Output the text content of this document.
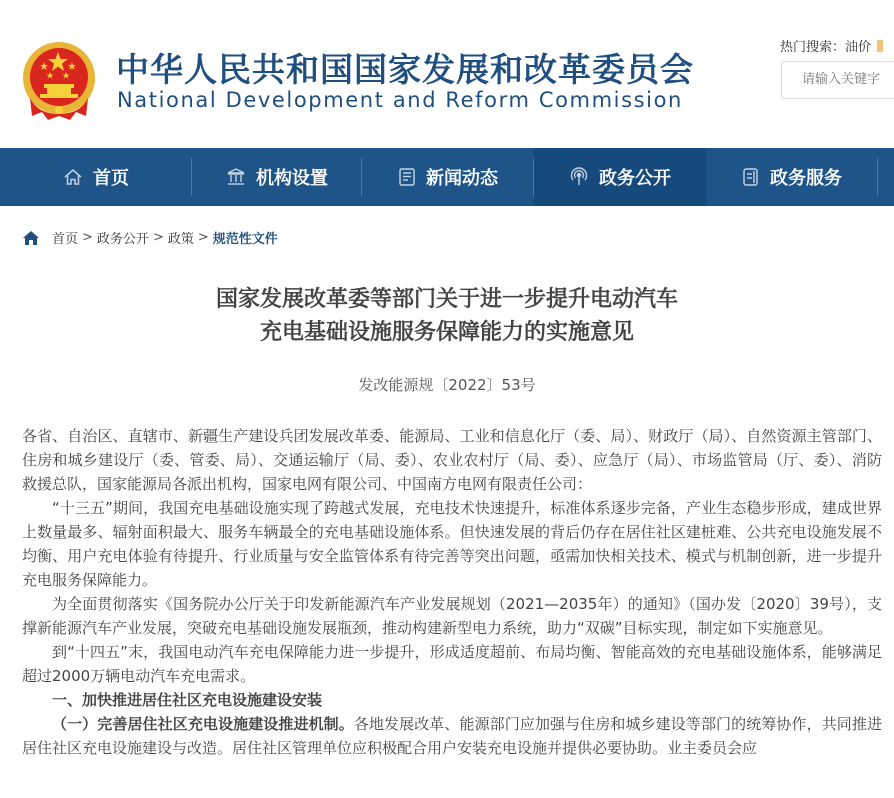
中华人民共和国国家发展和改革委员会
National Development and Reform Commission
热门搜索：油价
请输入关键字
首页	机构设置	新闻动态	政务公开	政务服务
首页 > 政务公开 > 政策 > 规范性文件
国家发展改革委等部门关于进一步提升电动汽车
充电基础设施服务保障能力的实施意见
发改能源规〔2022〕53号

各省、自治区、直辖市、新疆生产建设兵团发展改革委、能源局、工业和信息化厅（委、局）、财政厅（局）、自然资源主管部门、住房和城乡建设厅（委、管委、局）、交通运输厅（局、委）、农业农村厅（局、委）、应急厅（局）、市场监管局（厅、委）、消防救援总队，国家能源局各派出机构，国家电网有限公司、中国南方电网有限责任公司：

“十三五”期间，我国充电基础设施实现了跨越式发展，充电技术快速提升，标准体系逐步完备，产业生态稳步形成，建成世界上数量最多、辐射面积最大、服务车辆最全的充电基础设施体系。但快速发展的背后仍存在居住社区建桩难、公共充电设施发展不均衡、用户充电体验有待提升、行业质量与安全监管体系有待完善等突出问题，亟需加快相关技术、模式与机制创新，进一步提升充电服务保障能力。

为全面贯彻落实《国务院办公厅关于印发新能源汽车产业发展规划（2021—2035年）的通知》（国办发〔2020〕39号），支撑新能源汽车产业发展，突破充电基础设施发展瓶颈，推动构建新型电力系统，助力“双碳”目标实现，制定如下实施意见。

到“十四五”末，我国电动汽车充电保障能力进一步提升，形成适度超前、布局均衡、智能高效的充电基础设施体系，能够满足超过2000万辆电动汽车充电需求。

一、加快推进居住社区充电设施建设安装

（一）完善居住社区充电设施建设推进机制。各地发展改革、能源部门应加强与住房和城乡建设等部门的统筹协作，共同推进居住社区充电设施建设与改造。居住社区管理单位应积极配合用户安装充电设施并提供必要协助。业主委员会应
